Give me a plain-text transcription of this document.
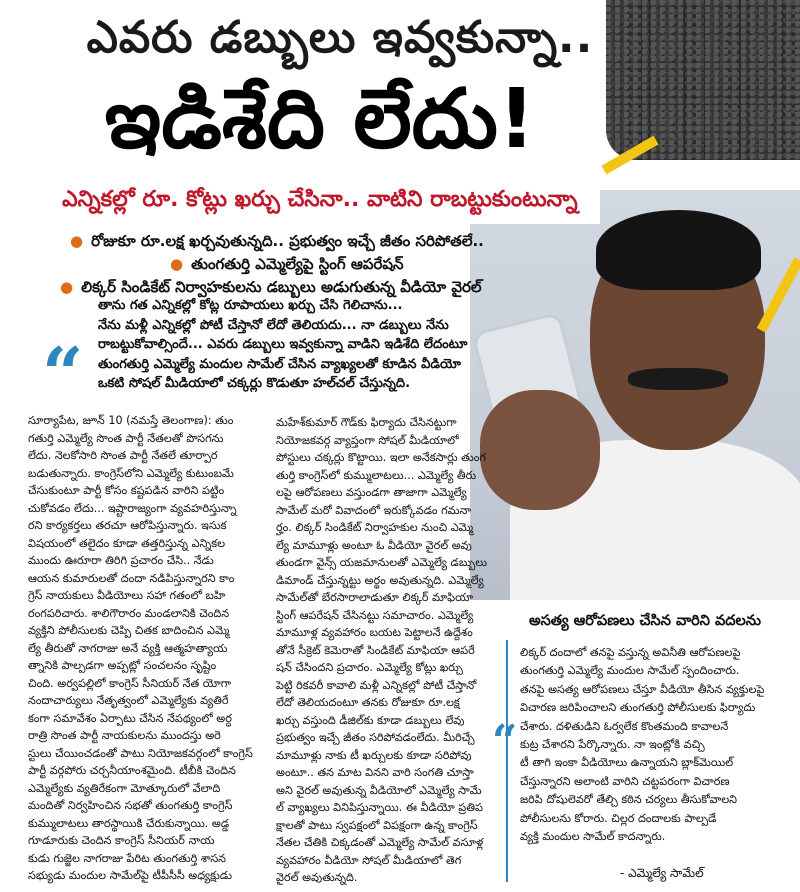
ఎవరు డబ్బులు ఇవ్వకున్నా..
ఇడిశేది లేదు!
ఎన్నికల్లో రూ. కోట్లు ఖర్చు చేసినా.. వాటిని రాబట్టుకుంటున్నా
● రోజుకూ రూ.లక్ష ఖర్చవుతున్నది.. ప్రభుత్వం ఇచ్చే జీతం సరిపోతలే..
● తుంగతుర్తి ఎమ్మెల్యేపై స్టింగ్ ఆపరేషన్
● లిక్కర్ సిండికేట్ నిర్వాహకులను డబ్బులు అడుగుతున్న వీడియో వైరల్
“
తాను గత ఎన్నికల్లో కోట్ల రూపాయలు ఖర్చు చేసి గెలిచాను...
నేను మళ్లీ ఎన్నికల్లో పోటీ చేస్తానో లేదో తెలియదు... నా డబ్బులు నేను
రాబట్టుకోవాల్సిందే... ఎవరు డబ్బులు ఇవ్వకున్నా వాడిని ఇడిశేది లేదంటూ
తుంగతుర్తి ఎమ్మెల్యే మందుల సామేల్ చేసిన వ్యాఖ్యలతో కూడిన వీడియో
ఒకటి సోషల్ మీడియాలో చక్కర్లు కొడుతూ హల్‌చల్ చేస్తున్నది.
సూర్యాపేట, జూన్ 10 (నమస్తే తెలంగాణ): తుం
గతుర్తి ఎమ్మెల్యే సొంత పార్టీ నేతలతో పొసగను
లేదు. నెలకోసారి సొంత పార్టీ నేతలే తూర్పార
బడుతున్నారు. కాంగ్రెస్‌లోని ఎమ్మెల్యే కుటుంబమే
చేసుకుంటూ పార్టీ కోసం కష్టపడిన వారిని పట్టిం
చుకోవడం లేదు... ఇష్టారాజ్యంగా వ్యవహరిస్తున్నా
రని కార్యకర్తలు తరచూ ఆరోపిస్తున్నారు. ఇసుక
విషయంలో తలైదం కూడా తత్తరిస్తున్న ఎన్నికల
ముందు ఊరూరా తిరిగి ప్రచారం చేసి.. నేడు
ఆయన కుమారులతో దందా నడిపిస్తున్నారని కాం
గ్రెస్ నాయకులు వీడియోలు సహా గతంలో బహి
రంగపరిచారు. శాలిగౌరారం మండలానికి చెందిన
వ్యక్తిని పోలీసులకు చెప్పి చితక బాదించిన ఎమ్మె
ల్యే తీరుతో నాగరాజు అనే వ్యక్తి ఆత్మహత్యాయ
త్నానికి పాల్పడగా అప్పట్లో సంచలనం సృష్టిం
చింది. అర్వపల్లిలో కాంగ్రెస్ సీనియర్ నేత యోగా
నందాచార్యులు నేతృత్వంలో ఎమ్మెల్యేకు వ్యతిరే
కంగా సమావేశం ఏర్పాటు చేసిన నేపథ్యంలో అర్ధ
రాత్రి సొంత పార్టీ నాయకులను ముందస్తు అరె
స్టులు చేయించడంతో పాటు నియోజకవర్గంలో కాంగ్రెస్
పార్టీ వర్గపోరు చర్చనీయాంశమైంది. టీబీకి చెందిన
ఎమ్మెల్యేకు వ్యతిరేకంగా మోత్కూరులో వేలాది
మందితో నిర్వహించిన సభతో తుంగతుర్తి కాంగ్రెస్
కుమ్ములాటలు తారస్థాయికి చేరుకున్నాయి. అడ్డ
గూడూరుకు చెందిన కాంగ్రెస్ సీనియర్ నాయ
కుడు గుజ్జెల నాగరాజు పేరిట తుంగతుర్తి శాసన
సభ్యుడు మందుల సామేల్‌పై టీపీసీసీ అధ్యక్షుడు
మహేశ్‌కుమార్ గౌడ్‌కు ఫిర్యాదు చేసినట్టుగా
నియోజకవర్గ వ్యాప్తంగా సోషల్ మీడియాలో
పోస్టులు చక్కర్లు కొట్టాయి. ఇలా అనేకసార్లు తుంగ
తుర్తి కాంగ్రెస్‌లో కుమ్ములాటలు... ఎమ్మెల్యే తీరు
లపై ఆరోపణలు వస్తుండగా తాజాగా ఎమ్మెల్యే
సామేల్ మరో వివాదంలో ఇరుక్కోవడం గమనా
ర్హం. లిక్కర్ సిండికేట్ నిర్వాహకుల నుంచి ఎమ్మె
ల్యే మామూళ్లు అంటూ ఓ వీడియో వైరల్ అవు
తుండగా వైన్స్ యజమానులతో ఎమ్మెల్యే డబ్బులు
డిమాండ్ చేస్తున్నట్టు అర్థం అవుతున్నది. ఎమ్మెల్యే
సామేల్‌తో బేరసారాలాడుతూ లిక్కర్ మాఫియా
స్టింగ్ ఆపరేషన్ చేసినట్టు సమాచారం. ఎమ్మెల్యే
మామూళ్ల వ్యవహారం బయట పెట్టాలనే ఉద్దేశం
తోనే సీక్రెట్ కెమెరాతో సిండికేట్ మాఫియా ఆపరే
షన్ చేసిందని ప్రచారం. ఎమ్మెల్యే కోట్లు ఖర్చు
పెట్టి రికవరీ కావాలి మళ్లీ ఎన్నికల్లో పోటీ చేస్తానో
లేదో తెలియదంటూ తనకు రోజుకూ రూ.లక్ష
ఖర్చు వస్తుంది డీజిల్‌కు కూడా డబ్బులు లేవు
ప్రభుత్వం ఇచ్చే జీతం సరిపోవడంలేదు. మీరిచ్చే
మామూళ్లు నాకు టీ ఖర్చులకు కూడా సరిపోవు
అంటూ.. తన మాట వినని వారి సంగతి చూస్తా
అని వైరల్ అవుతున్న వీడియోలో ఎమ్మెల్యే సామే
ల్ వ్యాఖ్యలు వినిపిస్తున్నాయి. ఈ వీడియో ప్రతిప
క్షాలతో పాటు స్వపక్షంలో విపక్షంగా ఉన్న కాంగ్రెస్
నేతల చేతికి చిక్కడంతో ఎమ్మెల్యే సామేల్ వసూళ్ల
వ్యవహారం వీడియో సోషల్ మీడియాలో తెగ
వైరల్ అవుతున్నది.
అసత్య ఆరోపణలు చేసిన వారిని వదలను
“
లిక్కర్ దందాలో తనపై వస్తున్న అవినీతి ఆరోపణలపై
తుంగతుర్తి ఎమ్మెల్యే మందుల సామేల్ స్పందించారు.
తనపై అసత్య ఆరోపణలు చేస్తూ వీడియో తీసిన వ్యక్తులపై
విచారణ జరిపించాలని తుంగతుర్తి పోలీసులకు ఫిర్యాదు
చేశారు. దళితుడిని ఓర్వలేక కొంతమంది కావాలనే
కుట్ర చేశారని పేర్కొన్నారు. నా ఇంట్లోకి వచ్చి
టీ తాగి ఇంకా వీడియోలు ఉన్నాయని బ్లాక్‌మెయిల్
చేస్తున్నారని అలాంటి వారిని చట్టపరంగా విచారణ
జరిపి దోషులెవరో తేల్చి కఠిన చర్యలు తీసుకోవాలని
పోలీసులను కోరారు. చిల్లర దందాలకు పాల్పడే
వ్యక్తి మందుల సామేల్ కాదన్నారు.
- ఎమ్మెల్యే సామేల్
